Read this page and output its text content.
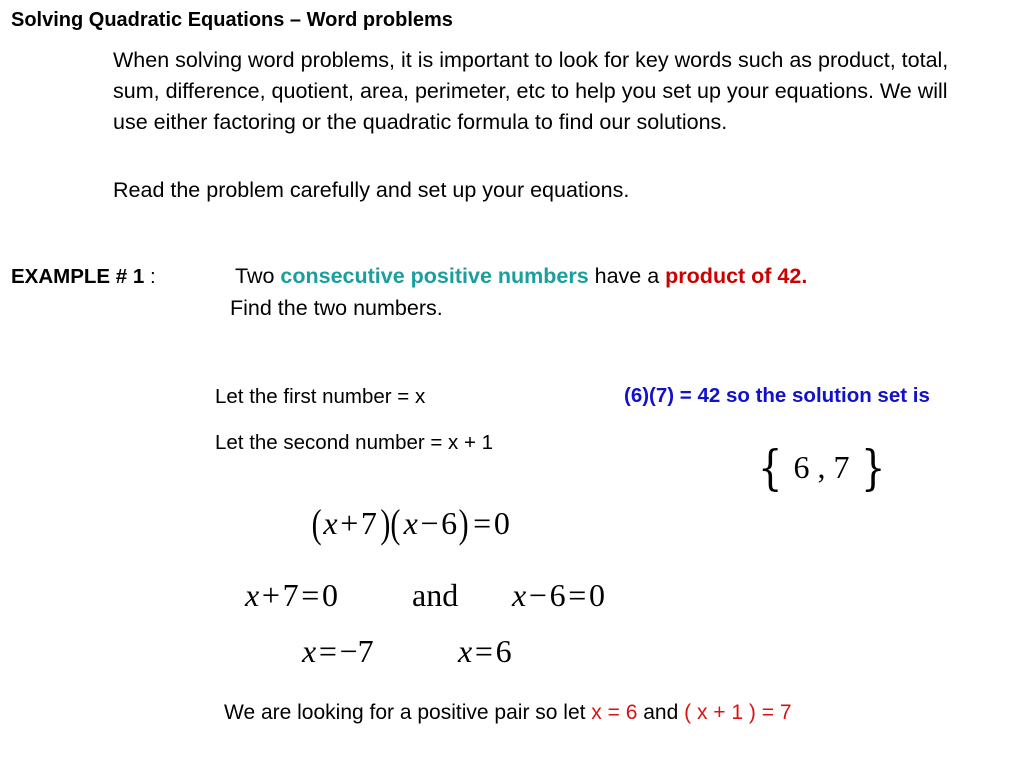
Solving Quadratic Equations – Word problems

When solving word problems, it is important to look for key words such as product, total, sum, difference, quotient, area, perimeter, etc to help you set up your equations. We will use either factoring or the quadratic formula to find our solutions.

Read the problem carefully and set up your equations.
EXAMPLE # 1 :	Two consecutive positive numbers have a product of 42.
Find the two numbers.
Let the first number = x
Let the second number = x + 1
(6)(7) = 42 so the solution set is
{ 6 , 7 }
(x + 7)( x − 6) = 0
x + 7 = 0 and x − 6 = 0
x = −7	x = 6
We are looking for a positive pair so let x = 6 and ( x + 1 ) = 7
